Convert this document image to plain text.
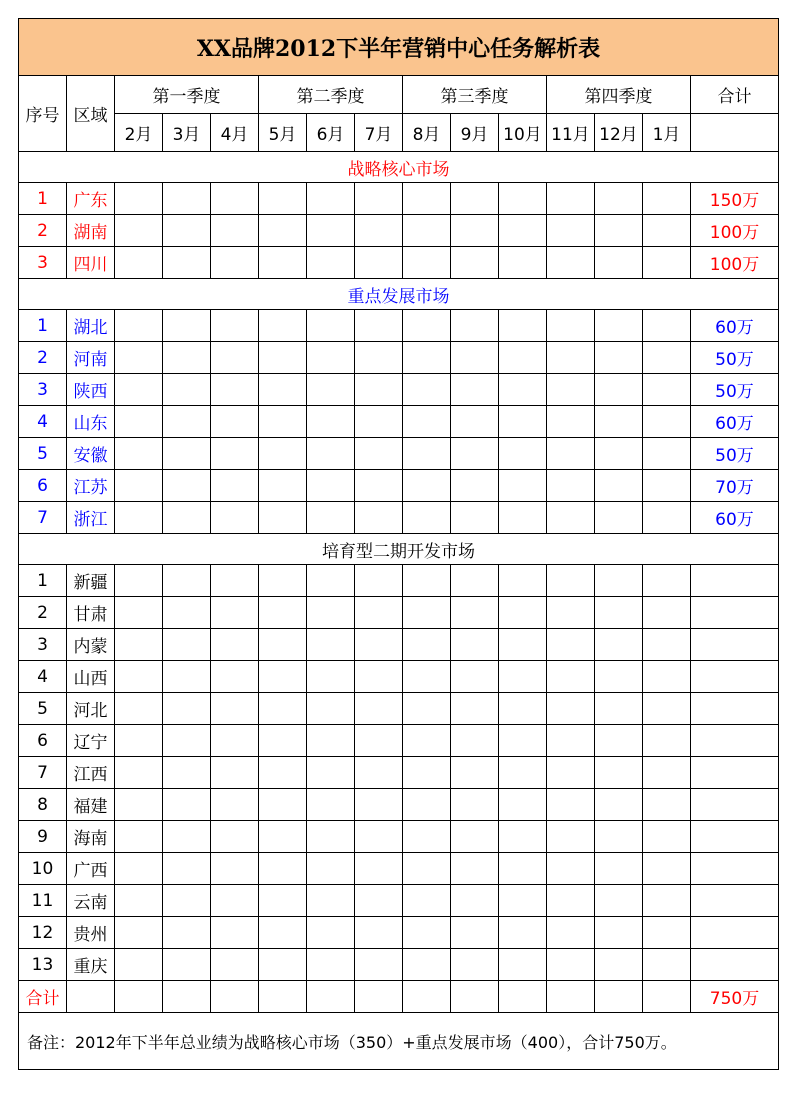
XX品牌2012下半年营销中心任务解析表														
序号	区域	第一季度			第二季度			第三季度			第四季度			合计
		2月	3月	4月	5月	6月	7月	8月	9月	10月	11月	12月	1月	
战略核心市场														
1	广东													150万
2	湖南													100万
3	四川													100万
重点发展市场														
1	湖北													60万
2	河南													50万
3	陕西													50万
4	山东													60万
5	安徽													50万
6	江苏													70万
7	浙江													60万
培育型二期开发市场														
1	新疆													
2	甘肃													
3	内蒙													
4	山西													
5	河北													
6	辽宁													
7	江西													
8	福建													
9	海南													
10	广西													
11	云南													
12	贵州													
13	重庆													
合计														750万
备注：2012年下半年总业绩为战略核心市场（350）+重点发展市场（400），合计750万。														
